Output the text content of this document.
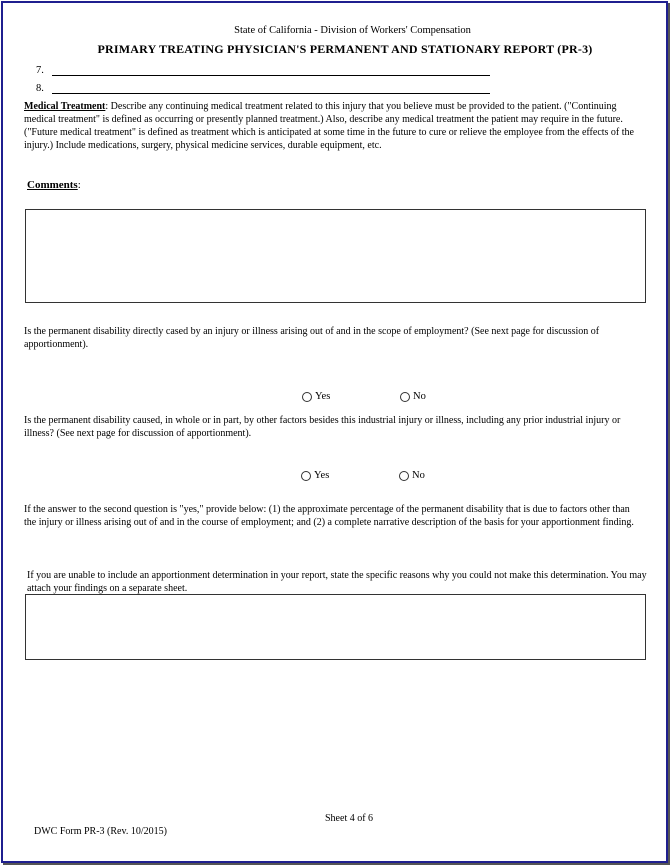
State of California - Division of Workers' Compensation
PRIMARY TREATING PHYSICIAN'S PERMANENT AND STATIONARY REPORT (PR-3)
7.
8.
Medical Treatment: Describe any continuing medical treatment related to this injury that you believe must be provided to the patient. ("Continuing medical treatment" is defined as occurring or presently planned treatment.) Also, describe any medical treatment the patient may require in the future. ("Future medical treatment" is defined as treatment which is anticipated at some time in the future to cure or relieve the employee from the effects of the injury.) Include medications, surgery, physical medicine services, durable equipment, etc.
Comments:
Is the permanent disability directly cased by an injury or illness arising out of and in the scope of employment? (See next page for discussion of apportionment).
Yes	No
Is the permanent disability caused, in whole or in part, by other factors besides this industrial injury or illness, including any prior industrial injury or illness? (See next page for discussion of apportionment).
Yes	No
If the answer to the second question is "yes," provide below: (1) the approximate percentage of the permanent disability that is due to factors other than the injury or illness arising out of and in the course of employment; and (2) a complete narrative description of the basis for your apportionment finding.
If you are unable to include an apportionment determination in your report, state the specific reasons why you could not make this determination. You may attach your findings on a separate sheet.
Sheet 4 of 6
DWC Form PR-3 (Rev. 10/2015)
